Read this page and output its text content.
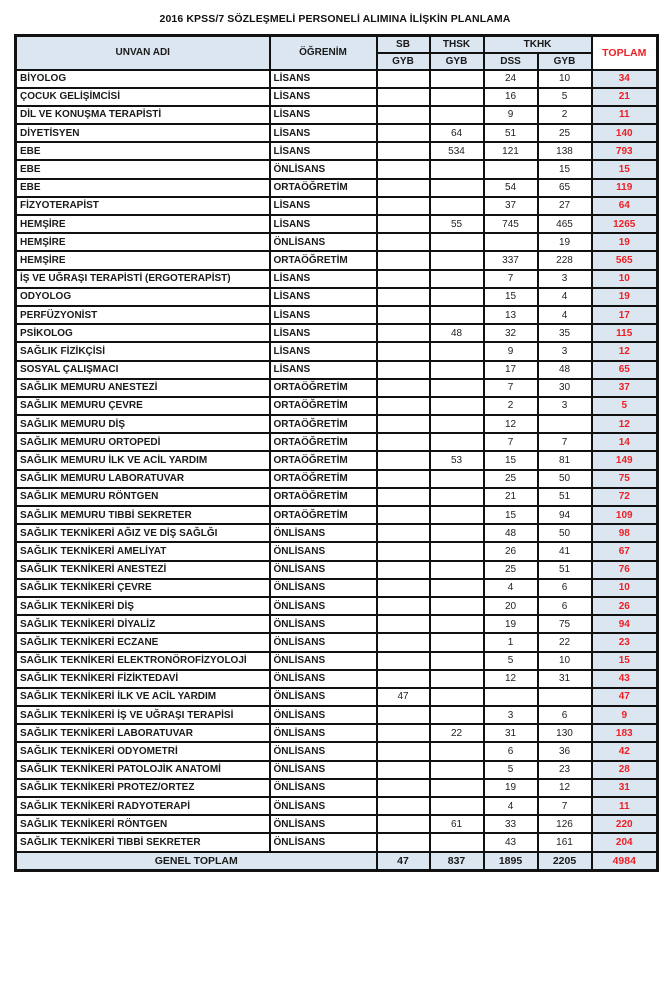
2016 KPSS/7 SÖZLEŞMELİ PERSONELİ ALIMINA İLİŞKİN PLANLAMA
UNVAN ADI	ÖĞRENİM	SB	THSK	TKHK		TOPLAM
		GYB	GYB	DSS	GYB	
BİYOLOG	LİSANS			24	10	34
ÇOCUK GELİŞİMCİSİ	LİSANS			16	5	21
DİL VE KONUŞMA TERAPİSTİ	LİSANS			9	2	11
DİYETİSYEN	LİSANS		64	51	25	140
EBE	LİSANS		534	121	138	793
EBE	ÖNLİSANS				15	15
EBE	ORTAÖĞRETİM			54	65	119
FİZYOTERAPİST	LİSANS			37	27	64
HEMŞİRE	LİSANS		55	745	465	1265
HEMŞİRE	ÖNLİSANS				19	19
HEMŞİRE	ORTAÖĞRETİM			337	228	565
İŞ VE UĞRAŞI TERAPİSTİ (ERGOTERAPİST)	LİSANS			7	3	10
ODYOLOG	LİSANS			15	4	19
PERFÜZYONİST	LİSANS			13	4	17
PSİKOLOG	LİSANS		48	32	35	115
SAĞLIK FİZİKÇİSİ	LİSANS			9	3	12
SOSYAL ÇALIŞMACI	LİSANS			17	48	65
SAĞLIK MEMURU ANESTEZİ	ORTAÖĞRETİM			7	30	37
SAĞLIK MEMURU ÇEVRE	ORTAÖĞRETİM			2	3	5
SAĞLIK MEMURU DİŞ	ORTAÖĞRETİM			12		12
SAĞLIK MEMURU ORTOPEDİ	ORTAÖĞRETİM			7	7	14
SAĞLIK MEMURU İLK VE ACİL YARDIM	ORTAÖĞRETİM		53	15	81	149
SAĞLIK MEMURU LABORATUVAR	ORTAÖĞRETİM			25	50	75
SAĞLIK MEMURU RÖNTGEN	ORTAÖĞRETİM			21	51	72
SAĞLIK MEMURU TIBBİ SEKRETER	ORTAÖĞRETİM			15	94	109
SAĞLIK TEKNİKERİ AĞIZ VE DİŞ SAĞLĞI	ÖNLİSANS			48	50	98
SAĞLIK TEKNİKERİ AMELİYAT	ÖNLİSANS			26	41	67
SAĞLIK TEKNİKERİ ANESTEZİ	ÖNLİSANS			25	51	76
SAĞLIK TEKNİKERİ ÇEVRE	ÖNLİSANS			4	6	10
SAĞLIK TEKNİKERİ DİŞ	ÖNLİSANS			20	6	26
SAĞLIK TEKNİKERİ DİYALİZ	ÖNLİSANS			19	75	94
SAĞLIK TEKNİKERİ ECZANE	ÖNLİSANS			1	22	23
SAĞLIK TEKNİKERİ ELEKTRONÖROFİZYOLOJİ	ÖNLİSANS			5	10	15
SAĞLIK TEKNİKERİ FİZİKTEDAVİ	ÖNLİSANS			12	31	43
SAĞLIK TEKNİKERİ İLK VE ACİL YARDIM	ÖNLİSANS	47				47
SAĞLIK TEKNİKERİ İŞ VE UĞRAŞI TERAPİSİ	ÖNLİSANS			3	6	9
SAĞLIK TEKNİKERİ LABORATUVAR	ÖNLİSANS		22	31	130	183
SAĞLIK TEKNİKERİ ODYOMETRİ	ÖNLİSANS			6	36	42
SAĞLIK TEKNİKERİ PATOLOJİK ANATOMİ	ÖNLİSANS			5	23	28
SAĞLIK TEKNİKERİ PROTEZ/ORTEZ	ÖNLİSANS			19	12	31
SAĞLIK TEKNİKERİ RADYOTERAPİ	ÖNLİSANS			4	7	11
SAĞLIK TEKNİKERİ RÖNTGEN	ÖNLİSANS		61	33	126	220
SAĞLIK TEKNİKERİ TIBBİ SEKRETER	ÖNLİSANS			43	161	204
GENEL TOPLAM		47	837	1895	2205	4984
